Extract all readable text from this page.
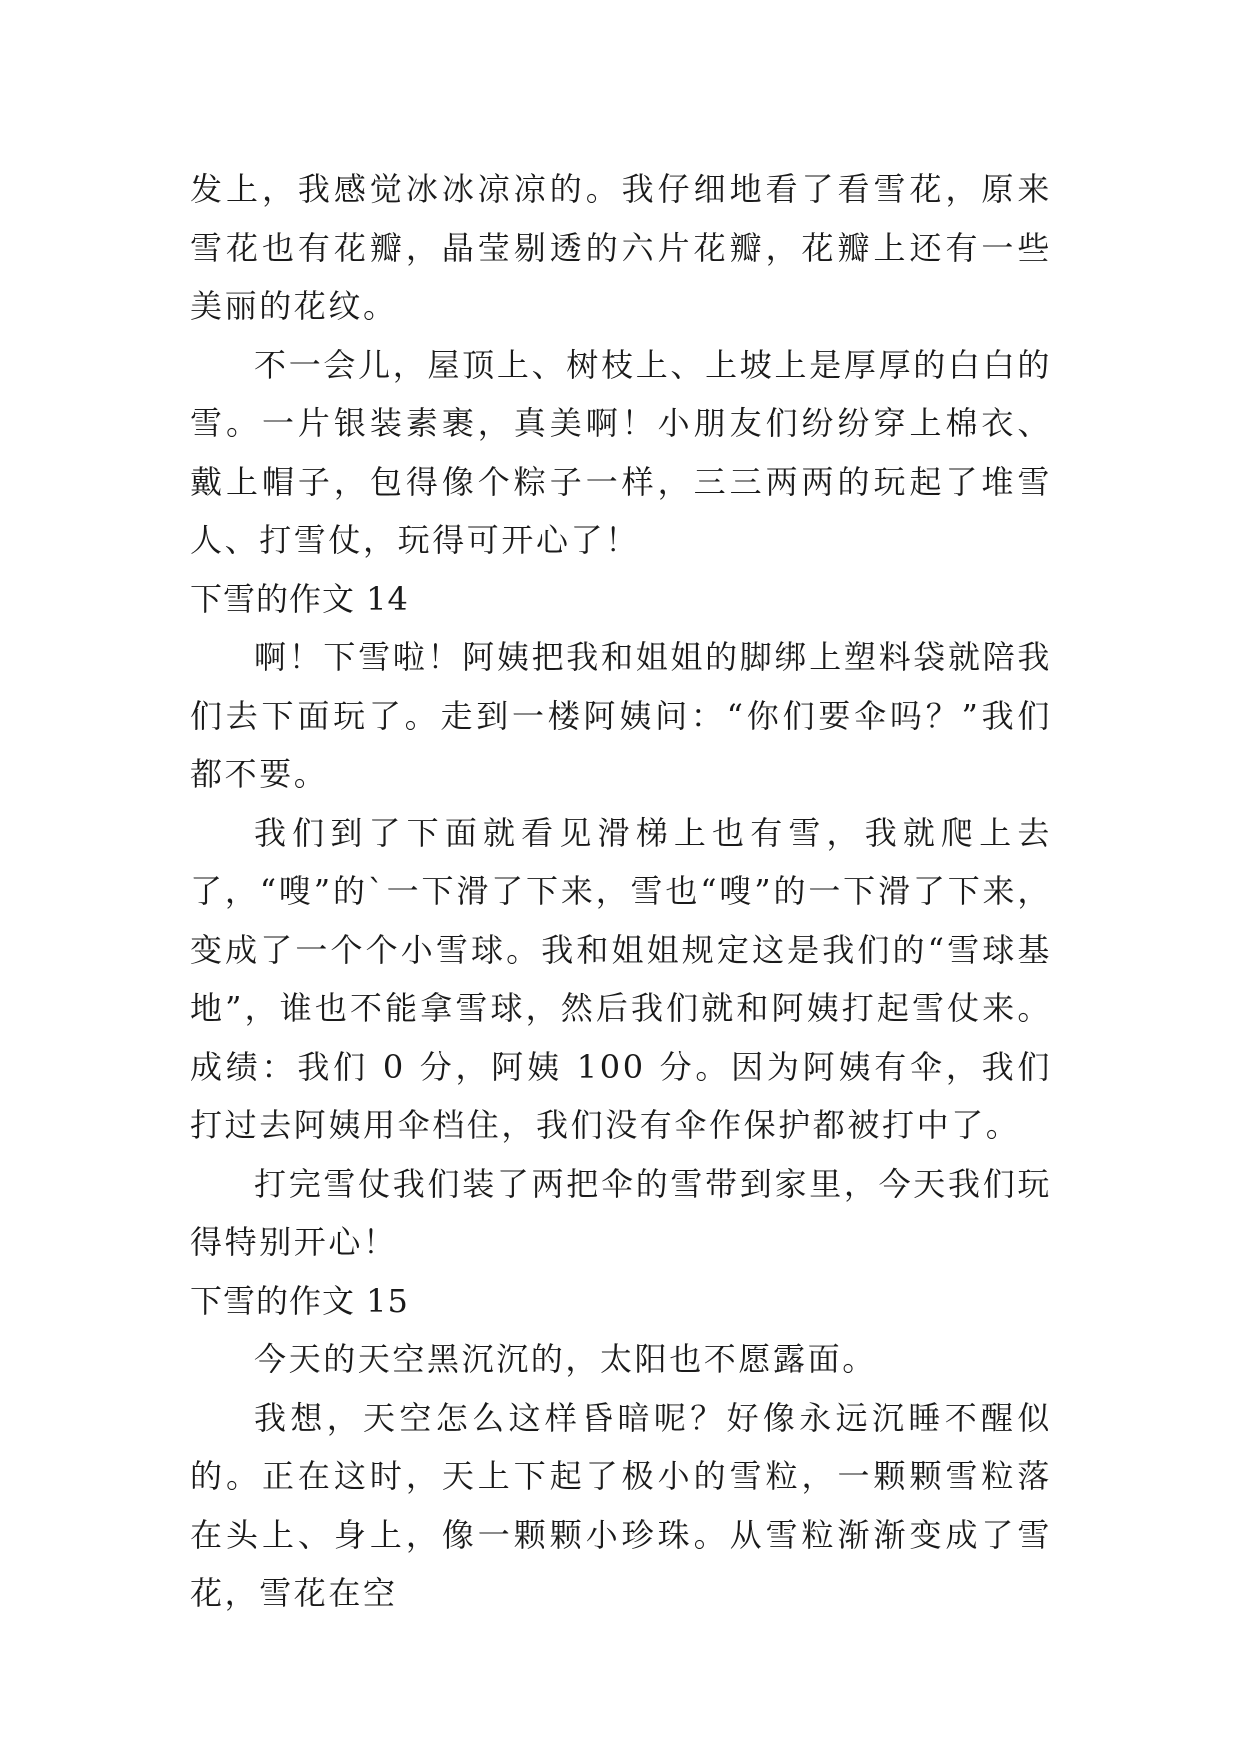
发上，我感觉冰冰凉凉的。我仔细地看了看雪花，原来雪花也有花瓣，晶莹剔透的六片花瓣，花瓣上还有一些美丽的花纹。

不一会儿，屋顶上、树枝上、上坡上是厚厚的白白的雪。一片银装素裹，真美啊！小朋友们纷纷穿上棉衣、戴上帽子，包得像个粽子一样，三三两两的玩起了堆雪人、打雪仗，玩得可开心了！

下雪的作文 14

啊！下雪啦！阿姨把我和姐姐的脚绑上塑料袋就陪我们去下面玩了。走到一楼阿姨问：“你们要伞吗？”我们都不要。

我们到了下面就看见滑梯上也有雪，我就爬上去了，“嗖”的`一下滑了下来，雪也“嗖”的一下滑了下来，变成了一个个小雪球。我和姐姐规定这是我们的“雪球基地”，谁也不能拿雪球，然后我们就和阿姨打起雪仗来。成绩：我们 0 分，阿姨 100 分。因为阿姨有伞，我们打过去阿姨用伞档住，我们没有伞作保护都被打中了。

打完雪仗我们装了两把伞的雪带到家里，今天我们玩得特别开心！

下雪的作文 15

今天的天空黑沉沉的，太阳也不愿露面。

我想，天空怎么这样昏暗呢？好像永远沉睡不醒似的。正在这时，天上下起了极小的雪粒，一颗颗雪粒落在头上、身上，像一颗颗小珍珠。从雪粒渐渐变成了雪花，雪花在空
